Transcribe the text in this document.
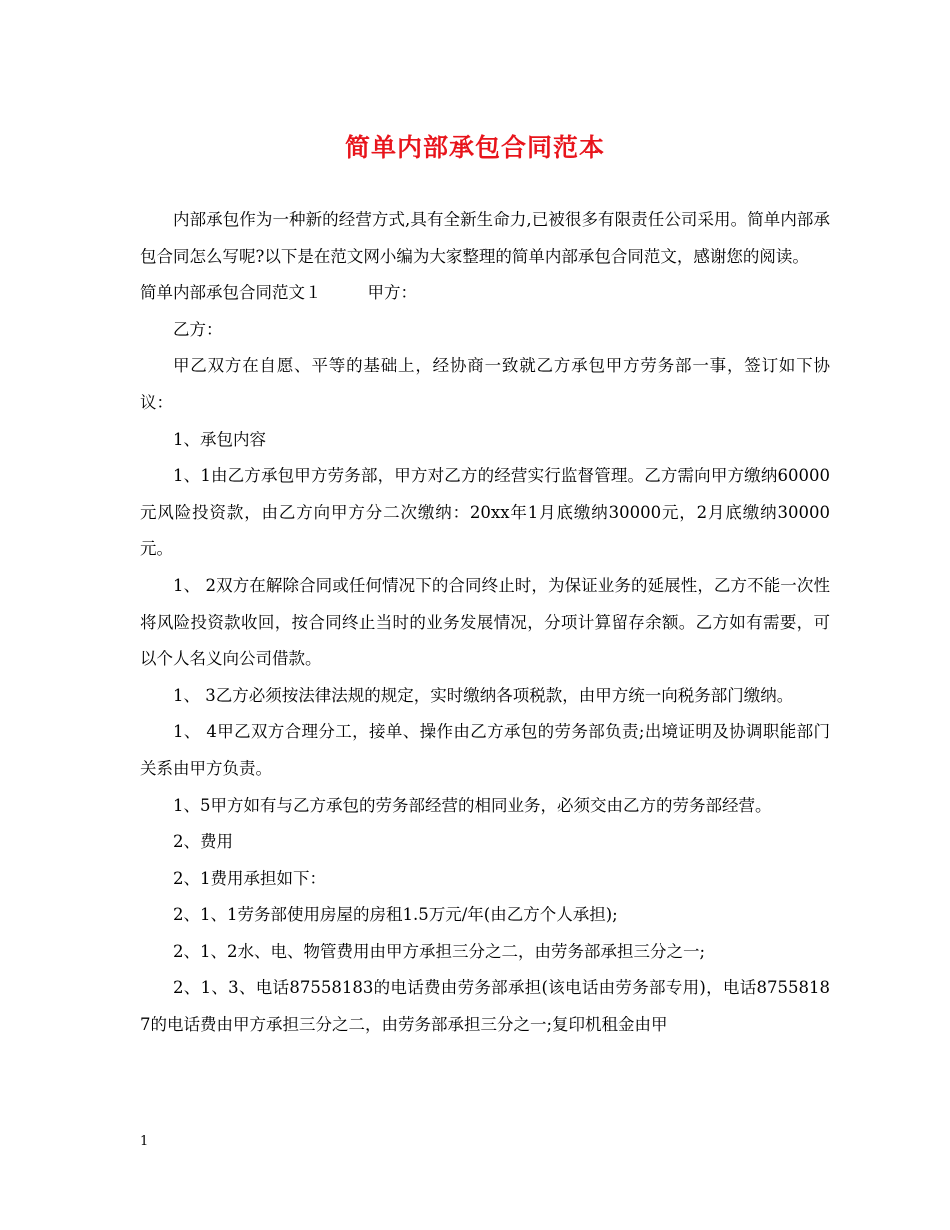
简单内部承包合同范本

内部承包作为一种新的经营方式,具有全新生命力,已被很多有限责任公司采用。简单内部承包合同怎么写呢?以下是在范文网小编为大家整理的简单内部承包合同范文，感谢您的阅读。

简单内部承包合同范文１	甲方：

乙方：

甲乙双方在自愿、平等的基础上，经协商一致就乙方承包甲方劳务部一事，签订如下协议：

1、承包内容

1、1由乙方承包甲方劳务部，甲方对乙方的经营实行监督管理。乙方需向甲方缴纳60000元风险投资款，由乙方向甲方分二次缴纳：20xx年1月底缴纳30000元，2月底缴纳30000元。

1、 2双方在解除合同或任何情况下的合同终止时，为保证业务的延展性，乙方不能一次性将风险投资款收回，按合同终止当时的业务发展情况，分项计算留存余额。乙方如有需要，可以个人名义向公司借款。

1、 3乙方必须按法律法规的规定，实时缴纳各项税款，由甲方统一向税务部门缴纳。

1、 4甲乙双方合理分工，接单、操作由乙方承包的劳务部负责;出境证明及协调职能部门关系由甲方负责。

1、5甲方如有与乙方承包的劳务部经营的相同业务，必须交由乙方的劳务部经营。

2、费用

2、1费用承担如下：

2、1、1劳务部使用房屋的房租1.5万元/年(由乙方个人承担);

2、1、2水、电、物管费用由甲方承担三分之二，由劳务部承担三分之一;

2、1、3、电话87558183的电话费由劳务部承担(该电话由劳务部专用)，电话87558187的电话费由甲方承担三分之二，由劳务部承担三分之一;复印机租金由甲

1
